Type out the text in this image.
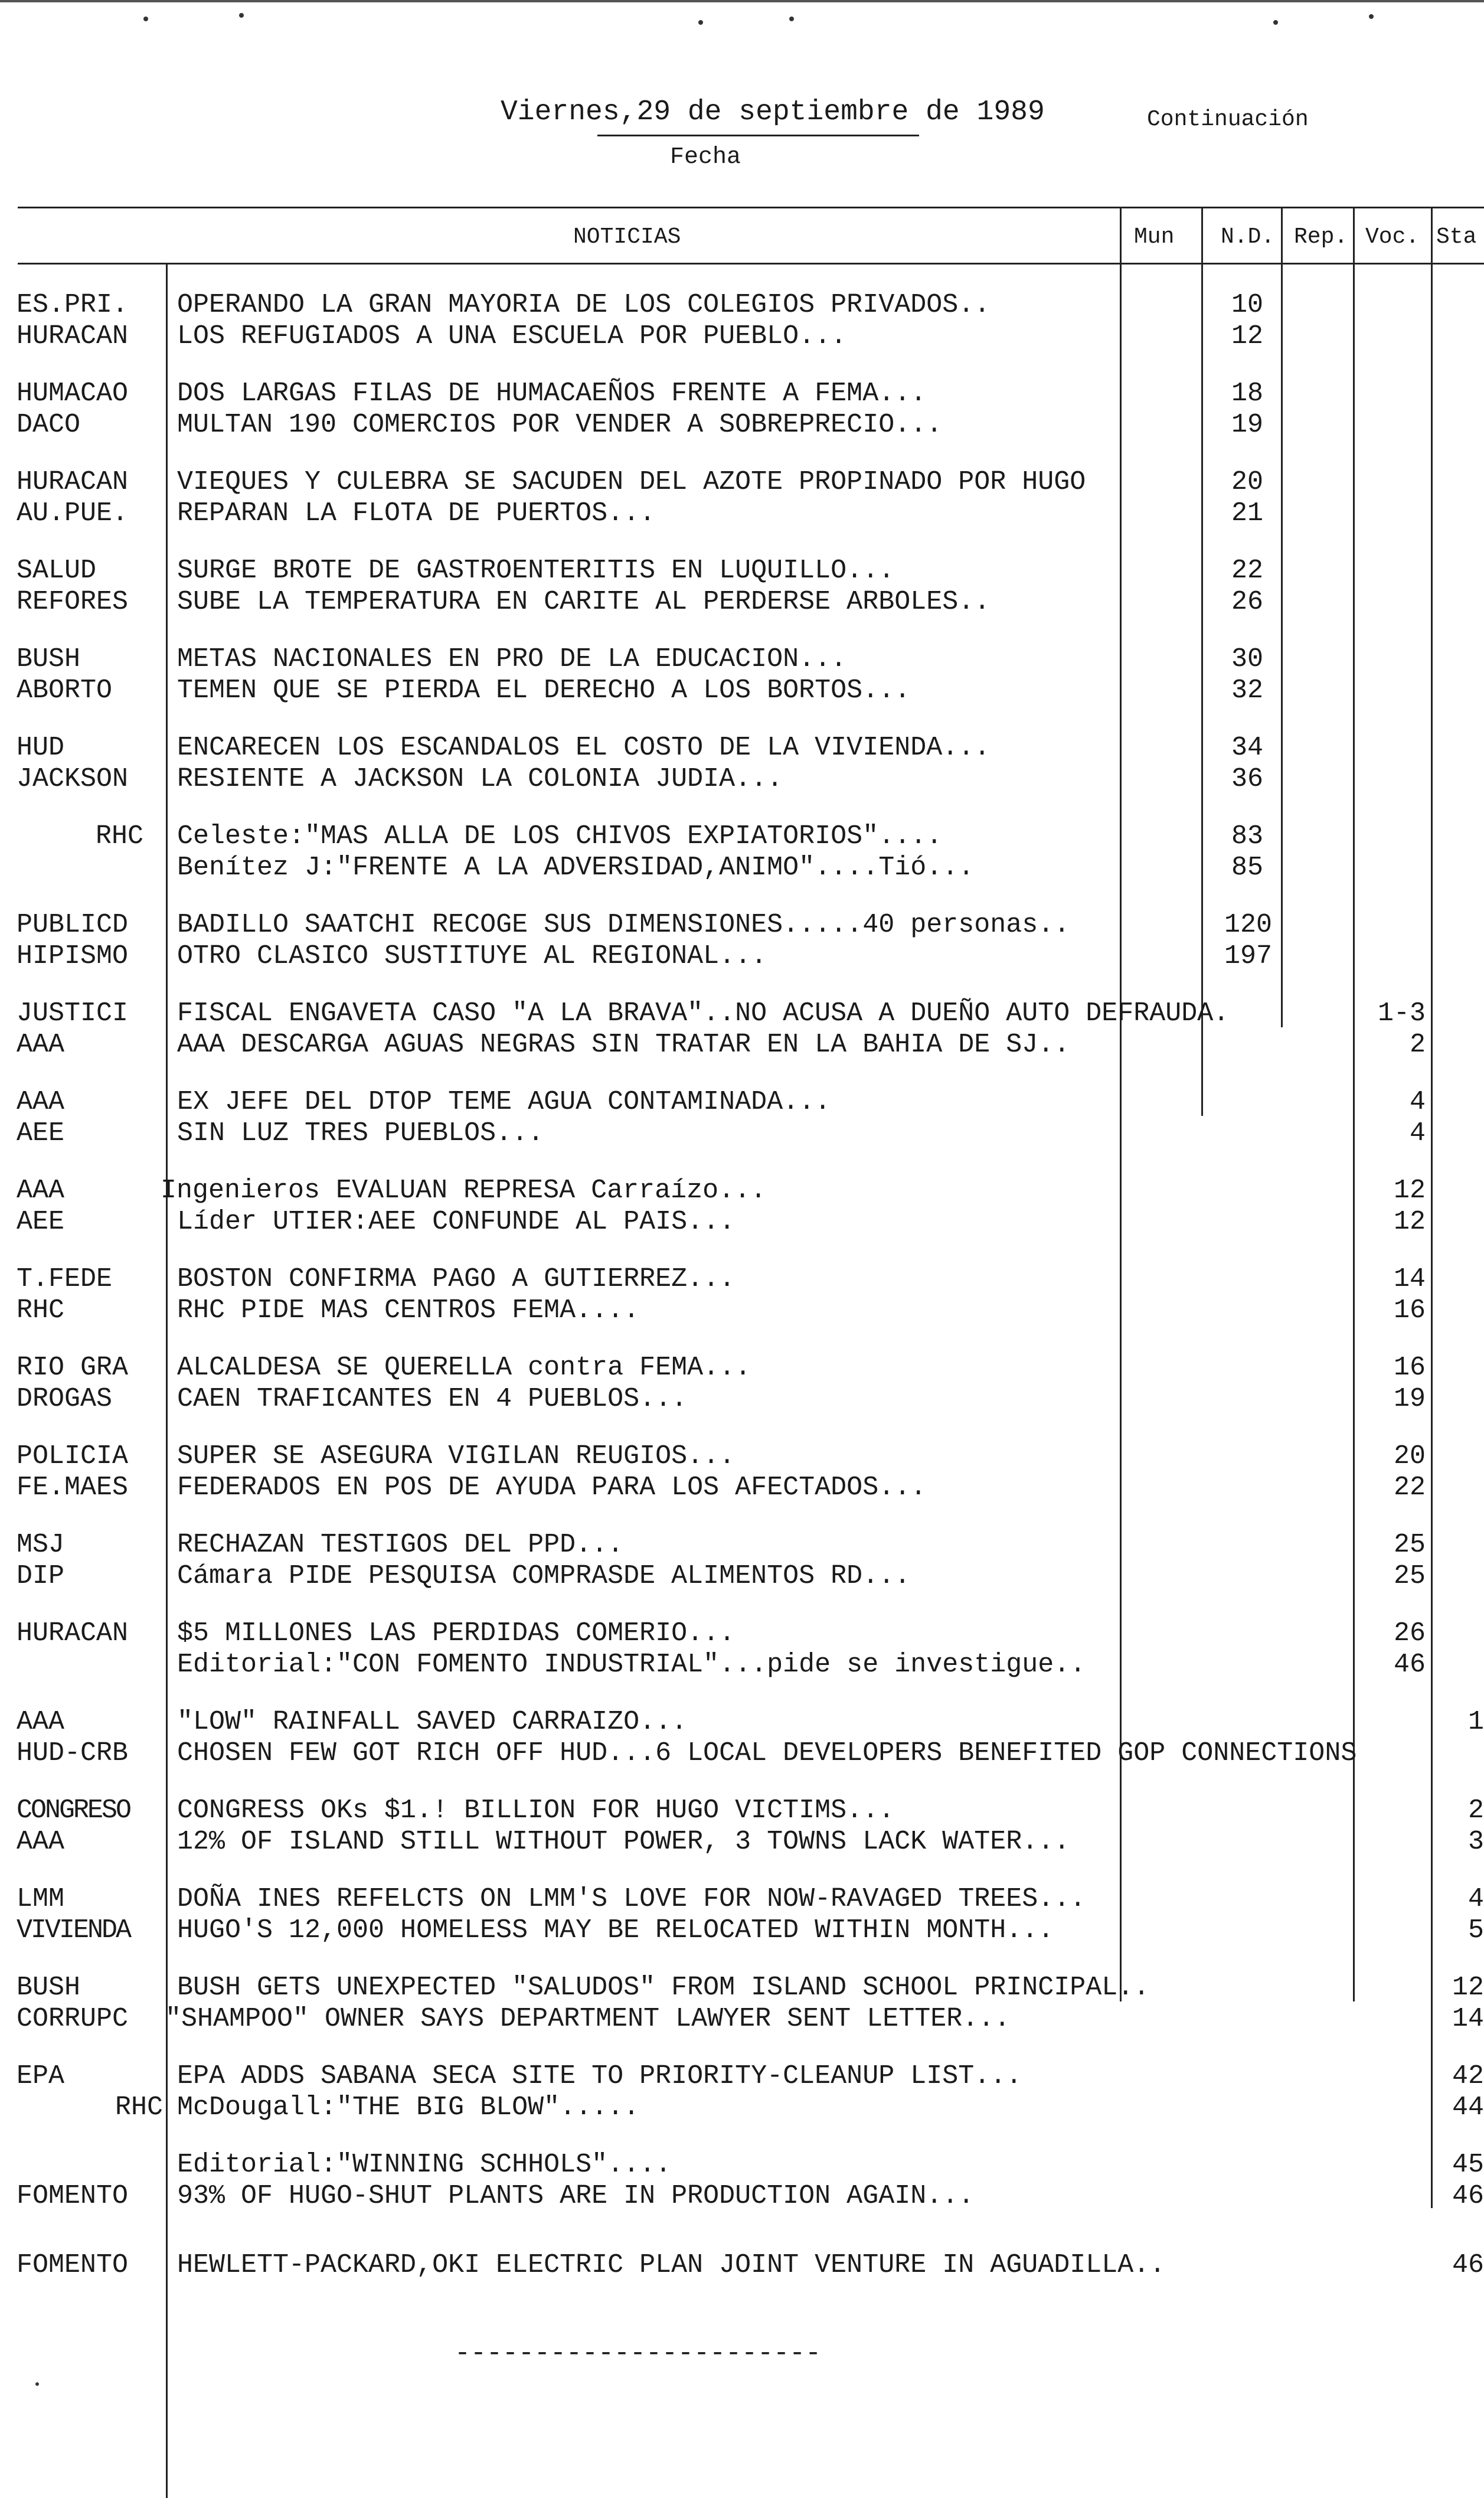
Viernes,29 de septiembre de 1989
Fecha
Continuación
NOTICIAS	Mun N.D. Rep. Voc. Sta
ES.PRI.	OPERANDO LA GRAN MAYORIA DE LOS COLEGIOS PRIVADOS..	10
HURACAN	LOS REFUGIADOS A UNA ESCUELA POR PUEBLO...	12
HUMACAO	DOS LARGAS FILAS DE HUMACAEÑOS FRENTE A FEMA...	18
DACO	MULTAN 190 COMERCIOS POR VENDER A SOBREPRECIO...	19
HURACAN	VIEQUES Y CULEBRA SE SACUDEN DEL AZOTE PROPINADO POR HUGO	20
AU.PUE.	REPARAN LA FLOTA DE PUERTOS...	21
SALUD	SURGE BROTE DE GASTROENTERITIS EN LUQUILLO...	22
REFORES	SUBE LA TEMPERATURA EN CARITE AL PERDERSE ARBOLES..	26
BUSH	METAS NACIONALES EN PRO DE LA EDUCACION...	30
ABORTO	TEMEN QUE SE PIERDA EL DERECHO A LOS BORTOS...	32
HUD	ENCARECEN LOS ESCANDALOS EL COSTO DE LA VIVIENDA...	34
JACKSON	RESIENTE A JACKSON LA COLONIA JUDIA...	36
RHC Celeste:"MAS ALLA DE LOS CHIVOS EXPIATORIOS"....	83
Benítez J:"FRENTE A LA ADVERSIDAD,ANIMO"....Tió...	85
PUBLICD	BADILLO SAATCHI RECOGE SUS DIMENSIONES.....40 personas..	120
HIPISMO	OTRO CLASICO SUSTITUYE AL REGIONAL...	197
JUSTICI	FISCAL ENGAVETA CASO "A LA BRAVA"..NO ACUSA A DUEÑO AUTO DEFRAUDA.	1-3
AAA	AAA DESCARGA AGUAS NEGRAS SIN TRATAR EN LA BAHIA DE SJ..	2
AAA	EX JEFE DEL DTOP TEME AGUA CONTAMINADA...	4
AEE	SIN LUZ TRES PUEBLOS...	4
AAA	Ingenieros EVALUAN REPRESA Carraízo...	12
AEE	Líder UTIER:AEE CONFUNDE AL PAIS...	12
T.FEDE	BOSTON CONFIRMA PAGO A GUTIERREZ...	14
RHC	RHC PIDE MAS CENTROS FEMA....	16
RIO GRA	ALCALDESA SE QUERELLA contra FEMA...	16
DROGAS	CAEN TRAFICANTES EN 4 PUEBLOS...	19
POLICIA	SUPER SE ASEGURA VIGILAN REUGIOS...	20
FE.MAES	FEDERADOS EN POS DE AYUDA PARA LOS AFECTADOS...	22
MSJ	RECHAZAN TESTIGOS DEL PPD...	25
DIP	Cámara PIDE PESQUISA COMPRASDE ALIMENTOS RD...	25
HURACAN	$5 MILLONES LAS PERDIDAS COMERIO...	26
Editorial:"CON FOMENTO INDUSTRIAL"...pide se investigue..	46
AAA	"LOW" RAINFALL SAVED CARRAIZO...	1
HUD-CRB	CHOSEN FEW GOT RICH OFF HUD...6 LOCAL DEVELOPERS BENEFITED GOP CONNECTIONS
CONGRESO CONGRESS OKs $1.! BILLION FOR HUGO VICTIMS...	2
AAA	12% OF ISLAND STILL WITHOUT POWER, 3 TOWNS LACK WATER...	3
LMM	DOÑA INES REFELCTS ON LMM'S LOVE FOR NOW-RAVAGED TREES...	4
VIVIENDA HUGO'S 12,000 HOMELESS MAY BE RELOCATED WITHIN MONTH...	5
BUSH	BUSH GETS UNEXPECTED "SALUDOS" FROM ISLAND SCHOOL PRINCIPAL..	12
CORRUPC	"SHAMPOO" OWNER SAYS DEPARTMENT LAWYER SENT LETTER...	14
EPA	EPA ADDS SABANA SECA SITE TO PRIORITY-CLEANUP LIST...	42
RHC McDougall:"THE BIG BLOW".....	44
Editorial:"WINNING SCHHOLS"....	45
FOMENTO	93% OF HUGO-SHUT PLANTS ARE IN PRODUCTION AGAIN...	46
FOMENTO	HEWLETT-PACKARD,OKI ELECTRIC PLAN JOINT VENTURE IN AGUADILLA..	46
-----------------------
